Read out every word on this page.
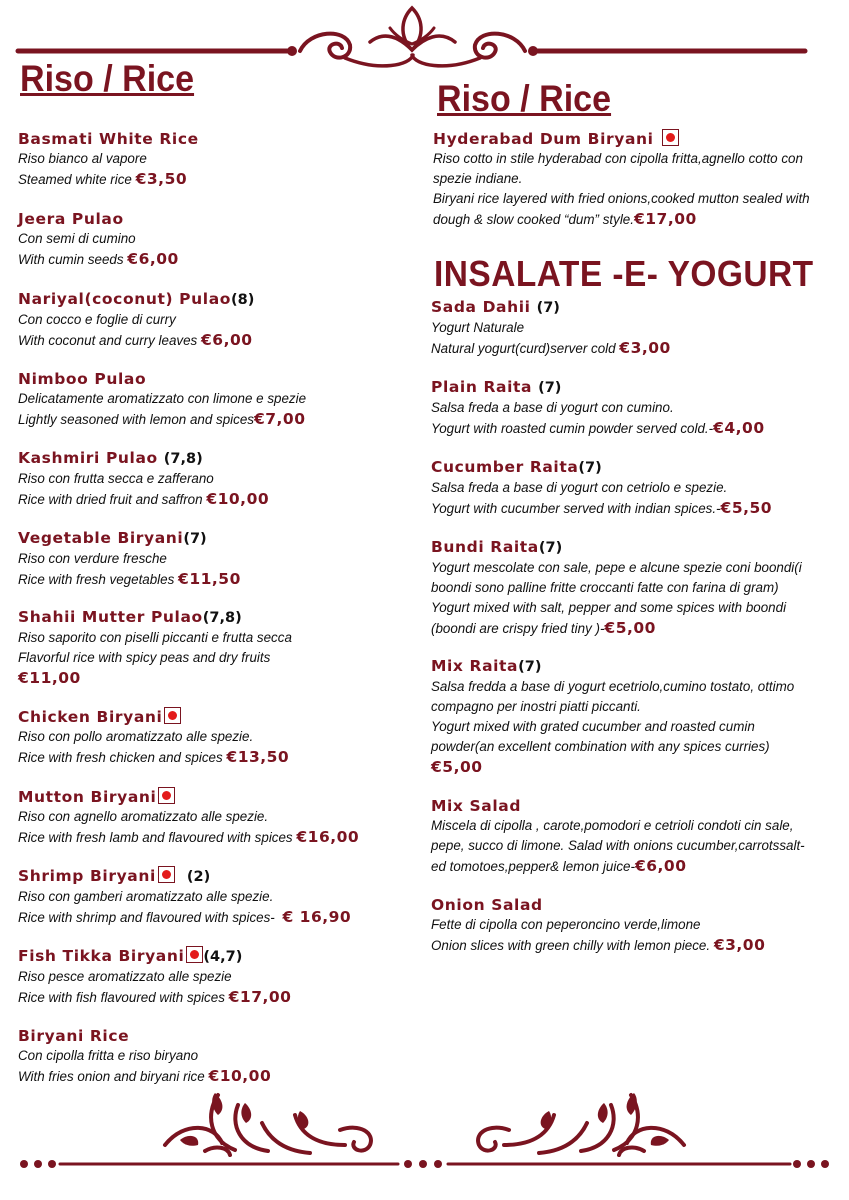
Riso / Rice	Riso / Rice
INSALATE -E- YOGURT
Basmati White Rice
Riso bianco al vapore
Steamed white rice €3,50
Jeera Pulao
Con semi di cumino
With cumin seeds €6,00
Nariyal(coconut) Pulao(8)
Con cocco e foglie di curry
With coconut and curry leaves €6,00
Nimboo Pulao
Delicatamente aromatizzato con limone e spezie
Lightly seasoned with lemon and spices€7,00
Kashmiri Pulao (7,8)
Riso con frutta secca e zafferano
Rice with dried fruit and saffron €10,00
Vegetable Biryani(7)
Riso con verdure fresche
Rice with fresh vegetables €11,50
Shahii Mutter Pulao(7,8)
Riso saporito con piselli piccanti e frutta secca
Flavorful rice with spicy peas and dry fruits
€11,00
Chicken Biryani
Riso con pollo aromatizzato alle spezie.
Rice with fresh chicken and spices €13,50
Mutton Biryani
Riso con agnello aromatizzato alle spezie.
Rice with fresh lamb and flavoured with spices €16,00
Shrimp Biryani (2)
Riso con gamberi aromatizzato alle spezie.
Rice with shrimp and flavoured with spices- € 16,90
Fish Tikka Biryani (4,7)
Riso pesce aromatizzato alle spezie
Rice with fish flavoured with spices €17,00
Biryani Rice
Con cipolla fritta e riso biryano
With fries onion and biryani rice €10,00
Hyderabad Dum Biryani
Riso cotto in stile hyderabad con cipolla fritta,agnello cotto con
spezie indiane.
Biryani rice layered with fried onions,cooked mutton sealed with
dough & slow cooked “dum” style.€17,00
Sada Dahii (7)
Yogurt Naturale
Natural yogurt(curd)server cold €3,00
Plain Raita (7)
Salsa freda a base di yogurt con cumino.
Yogurt with roasted cumin powder served cold.-€4,00
Cucumber Raita(7)
Salsa freda a base di yogurt con cetriolo e spezie.
Yogurt with cucumber served with indian spices.-€5,50
Bundi Raita(7)
Yogurt mescolate con sale, pepe e alcune spezie coni boondi(i
boondi sono palline fritte croccanti fatte con farina di gram)
Yogurt mixed with salt, pepper and some spices with boondi
(boondi are crispy fried tiny )-€5,00
Mix Raita(7)
Salsa fredda a base di yogurt ecetriolo,cumino tostato, ottimo
compagno per inostri piatti piccanti.
Yogurt mixed with grated cucumber and roasted cumin
powder(an excellent combination with any spices curries)
€5,00
Mix Salad
Miscela di cipolla , carote,pomodori e cetrioli condoti cin sale,
pepe, succo di limone. Salad with onions cucumber,carrotssalt-
ed tomotoes,pepper& lemon juice-€6,00
Onion Salad
Fette di cipolla con peperoncino verde,limone
Onion slices with green chilly with lemon piece. €3,00
